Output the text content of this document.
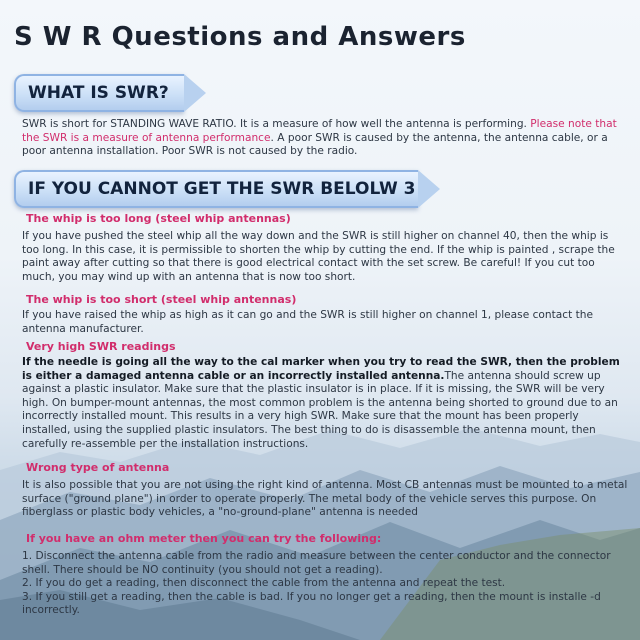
S W R Questions and Answers
WHAT IS SWR?
SWR is short for STANDING WAVE RATIO. It is a measure of how well the antenna is performing. Please note that the SWR is a measure of antenna performance. A poor SWR is caused by the antenna, the antenna cable, or a poor antenna installation. Poor SWR is not caused by the radio.
IF YOU CANNOT GET THE SWR BELOLW 3
The whip is too long (steel whip antennas)
If you have pushed the steel whip all the way down and the SWR is still higher on channel 40, then the whip is too long. In this case, it is permissible to shorten the whip by cutting the end. If the whip is painted , scrape the paint away after cutting so that there is good electrical contact with the set screw. Be careful! If you cut too much, you may wind up with an antenna that is now too short.
The whip is too short (steel whip antennas)
If you have raised the whip as high as it can go and the SWR is still higher on channel 1, please contact the antenna manufacturer.
Very high SWR readings
If the needle is going all the way to the cal marker when you try to read the SWR, then the problem is either a damaged antenna cable or an incorrectly installed antenna.The antenna should screw up against a plastic insulator. Make sure that the plastic insulator is in place. If it is missing, the SWR will be very high. On bumper-mount antennas, the most common problem is the antenna being shorted to ground due to an incorrectly installed mount. This results in a very high SWR. Make sure that the mount has been properly installed, using the supplied plastic insulators. The best thing to do is disassemble the antenna mount, then carefully re-assemble per the installation instructions.
Wrong type of antenna
It is also possible that you are not using the right kind of antenna. Most CB antennas must be mounted to a metal surface ("ground plane") in order to operate properly. The metal body of the vehicle serves this purpose. On fiberglass or plastic body vehicles, a "no-ground-plane" antenna is needed
If you have an ohm meter then you can try the following:
1. Disconnect the antenna cable from the radio and measure between the center conductor and the connector shell. There should be NO continuity (you should not get a reading).
2. If you do get a reading, then disconnect the cable from the antenna and repeat the test.
3. If you still get a reading, then the cable is bad. If you no longer get a reading, then the mount is installe -d incorrectly.
